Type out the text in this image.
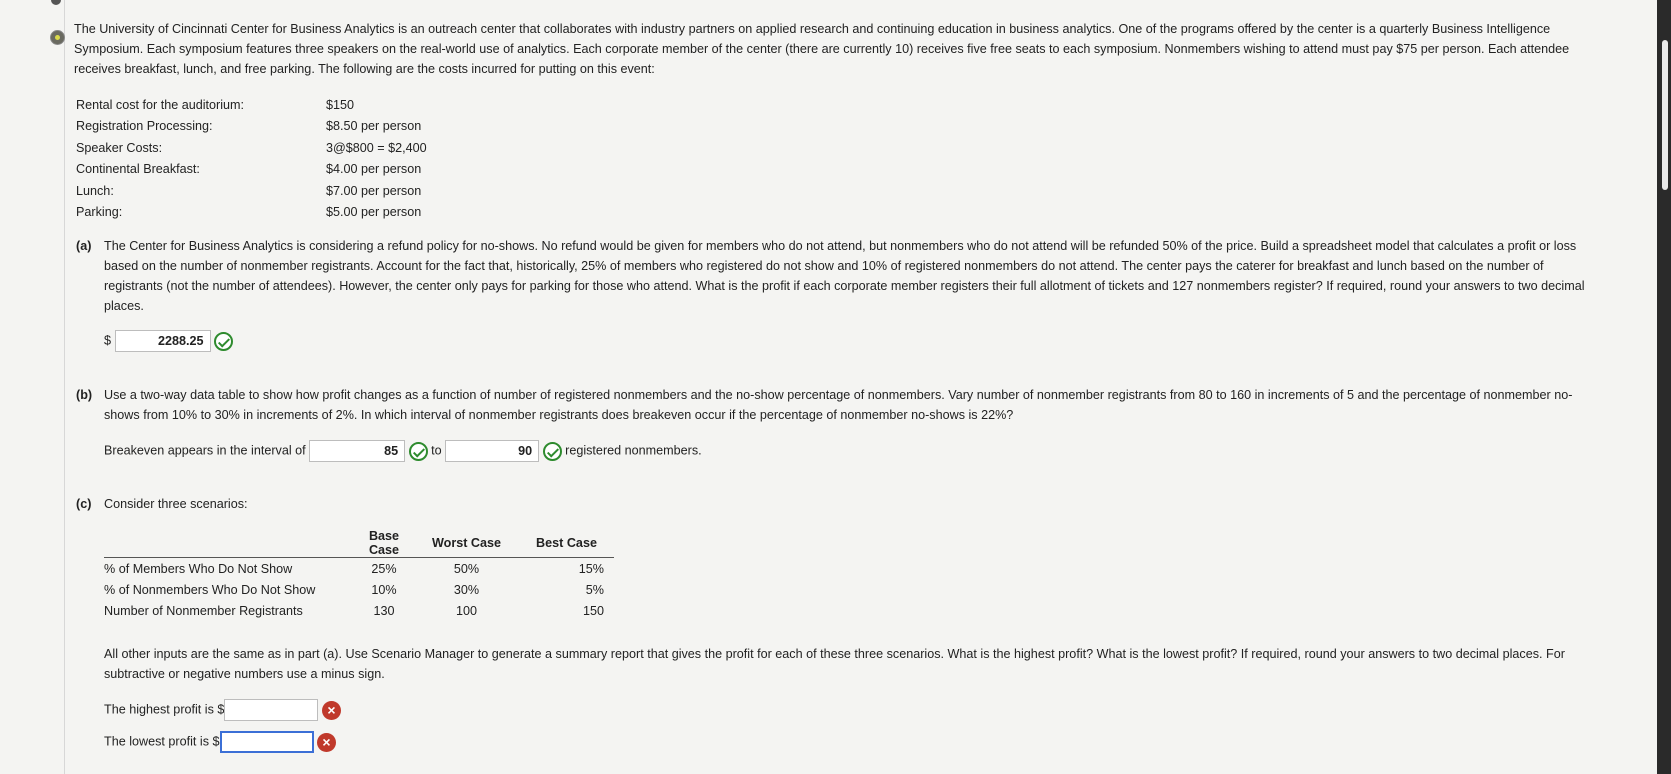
The University of Cincinnati Center for Business Analytics is an outreach center that collaborates with industry partners on applied research and continuing education in business analytics. One of the programs offered by the center is a quarterly Business Intelligence Symposium. Each symposium features three speakers on the real-world use of analytics. Each corporate member of the center (there are currently 10) receives five free seats to each symposium. Nonmembers wishing to attend must pay $75 per person. Each attendee receives breakfast, lunch, and free parking. The following are the costs incurred for putting on this event:
Rental cost for the auditorium:	$150
Registration Processing:	$8.50 per person
Speaker Costs:	3@$800 = $2,400
Continental Breakfast:	$4.00 per person
Lunch:	$7.00 per person
Parking:	$5.00 per person
(a) The Center for Business Analytics is considering a refund policy for no-shows. No refund would be given for members who do not attend, but nonmembers who do not attend will be refunded 50% of the price. Build a spreadsheet model that calculates a profit or loss based on the number of nonmember registrants. Account for the fact that, historically, 25% of members who registered do not show and 10% of registered nonmembers do not attend. The center pays the caterer for breakfast and lunch based on the number of registrants (not the number of attendees). However, the center only pays for parking for those who attend. What is the profit if each corporate member registers their full allotment of tickets and 127 nonmembers register? If required, round your answers to two decimal places.
$	2288.25
(b) Use a two-way data table to show how profit changes as a function of number of registered nonmembers and the no-show percentage of nonmembers. Vary number of nonmember registrants from 80 to 160 in increments of 5 and the percentage of nonmember no-shows from 10% to 30% in increments of 2%. In which interval of nonmember registrants does breakeven occur if the percentage of nonmember no-shows is 22%?
Breakeven appears in the interval of	85	to	90	registered nonmembers.
(c) Consider three scenarios:
	Base Case	Worst Case	Best Case
% of Members Who Do Not Show	25%	50%	15%
% of Nonmembers Who Do Not Show	10%	30%	5%
Number of Nonmember Registrants	130	100	150
All other inputs are the same as in part (a). Use Scenario Manager to generate a summary report that gives the profit for each of these three scenarios. What is the highest profit? What is the lowest profit? If required, round your answers to two decimal places. For subtractive or negative numbers use a minus sign.
The highest profit is $	×
The lowest profit is $	×
